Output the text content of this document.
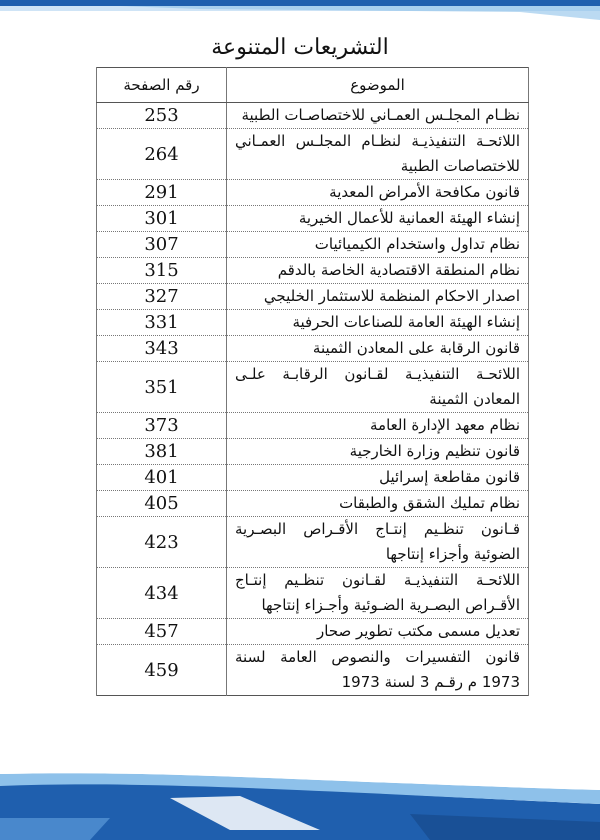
التشريعات المتنوعة
الموضوع	رقم الصفحة
نظـام المجلـس العمـاني للاختصاصـات الطبية	253
اللائحـة التنفيذيـة لنظـام المجلـس العمـاني للاختصاصات الطبية	264
قانون مكافحة الأمراض المعدية	291
إنشاء الهيئة العمانية للأعمال الخيرية	301
نظام تداول واستخدام الكيميائيات	307
نظام المنطقة الاقتصادية الخاصة بالدقم	315
اصدار الاحكام المنظمة للاستثمار الخليجي	327
إنشاء الهيئة العامة للصناعات الحرفية	331
قانون الرقابة على المعادن الثمينة	343
اللائحـة التنفيذيـة لقـانون الرقابـة علـى المعادن الثمينة	351
نظام معهد الإدارة العامة	373
قانون تنظيم وزارة الخارجية	381
قانون مقاطعة إسرائيل	401
نظام تمليك الشقق والطبقات	405
قـانون تنظـيم إنتـاج الأقـراص البصـرية الضوئية وأجزاء إنتاجها	423
اللائحـة التنفيذيـة لقـانون تنظـيم إنتـاج الأقـراص البصـرية الضـوئية وأجـزاء إنتاجها	434
تعديل مسمى مكتب تطوير صحار	457
قانون التفسيرات والنصوص العامة لسنة 1973 م رقـم 3 لسنة 1973	459
